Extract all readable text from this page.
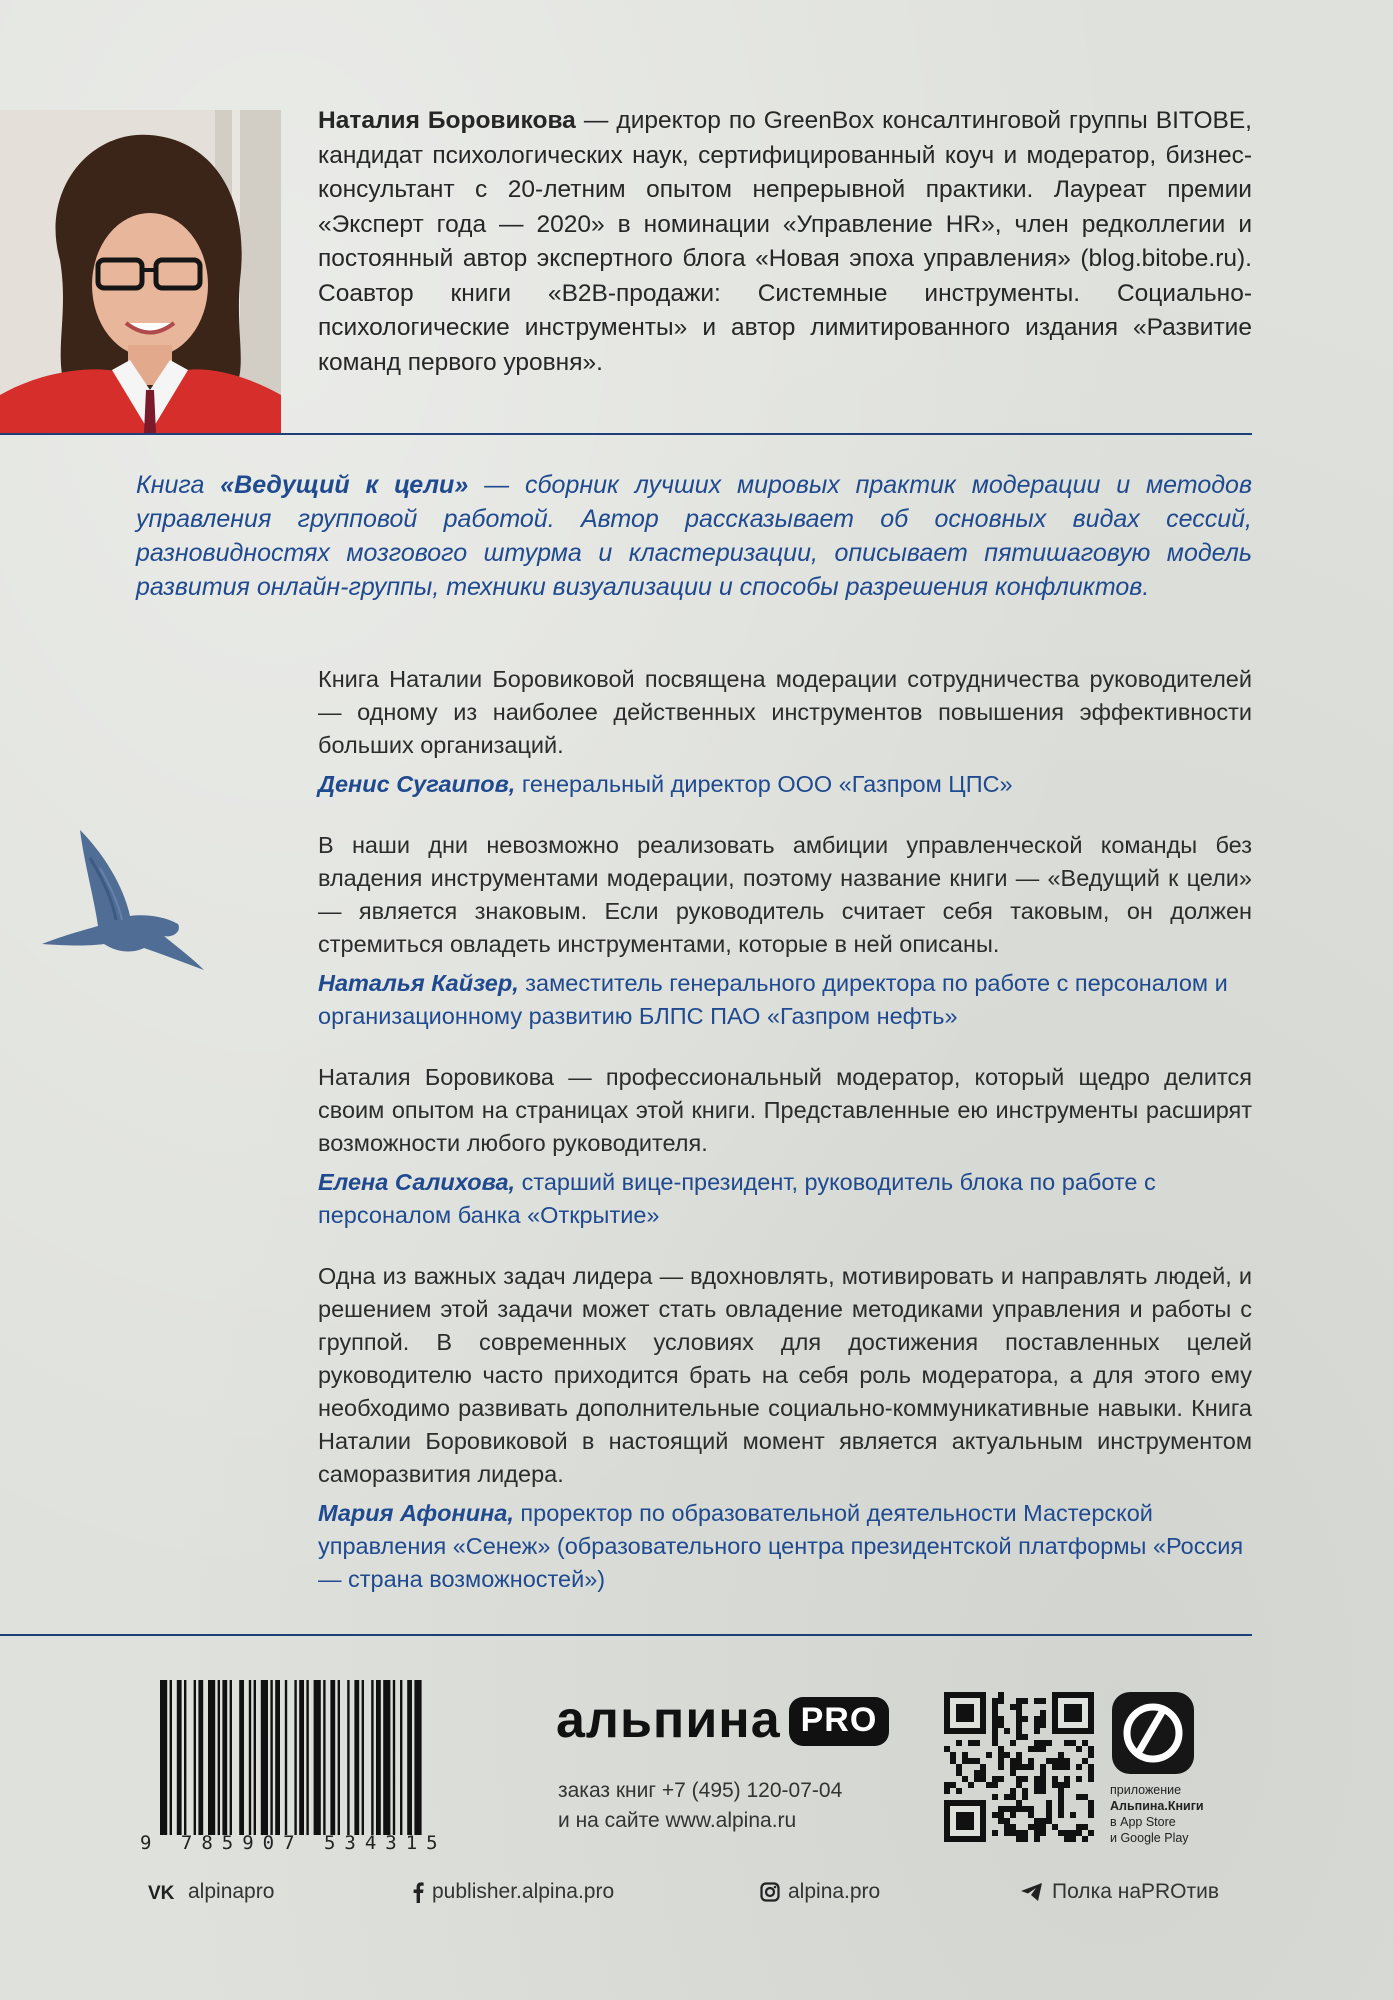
Наталия Боровикова — директор по GreenBox консалтинговой группы BITOBE, кандидат психологических наук, сертифицированный коуч и модератор, бизнес-консультант с 20-летним опытом непрерывной практики. Лауреат премии «Эксперт года — 2020» в номинации «Управление HR», член редколлегии и постоянный автор экспертного блога «Новая эпоха управления» (blog.bitobe.ru). Соавтор книги «B2B-продажи: Системные инструменты. Социально-психологические инструменты» и автор лимитированного издания «Развитие команд первого уровня».
Книга «Ведущий к цели» — сборник лучших мировых практик модерации и методов управления групповой работой. Автор рассказывает об основных видах сессий, разновидностях мозгового штурма и кластеризации, описывает пятишаговую модель развития онлайн-группы, техники визуализации и способы разрешения конфликтов.
Книга Наталии Боровиковой посвящена модерации сотрудничества руководителей — одному из наиболее действенных инструментов повышения эффективности больших организаций.
Денис Сугаипов, генеральный директор ООО «Газпром ЦПС»
В наши дни невозможно реализовать амбиции управленческой команды без владения инструментами модерации, поэтому название книги — «Ведущий к цели» — является знаковым. Если руководитель считает себя таковым, он должен стремиться овладеть инструментами, которые в ней описаны.
Наталья Кайзер, заместитель генерального директора по работе с персоналом и организационному развитию БЛПС ПАО «Газпром нефть»
Наталия Боровикова — профессиональный модератор, который щедро делится своим опытом на страницах этой книги. Представленные ею инструменты расширят возможности любого руководителя.
Елена Салихова, старший вице-президент, руководитель блока по работе с персоналом банка «Открытие»
Одна из важных задач лидера — вдохновлять, мотивировать и направлять людей, и решением этой задачи может стать овладение методиками управления и работы с группой. В современных условиях для достижения поставленных целей руководителю часто приходится брать на себя роль модератора, а для этого ему необходимо развивать дополнительные социально-коммуникативные навыки. Книга Наталии Боровиковой в настоящий момент является актуальным инструментом саморазвития лидера.
Мария Афонина, проректор по образовательной деятельности Мастерской управления «Сенеж» (образовательного центра президентской платформы «Россия — страна возможностей»)
9 785907 534315
альпина PRO
заказ книг +7 (495) 120-07-04
и на сайте www.alpina.ru
приложение
Альпина.Книги
в App Store
и Google Play
VK alpinapro	publisher.alpina.pro	alpina.pro	Полка наPROтив
